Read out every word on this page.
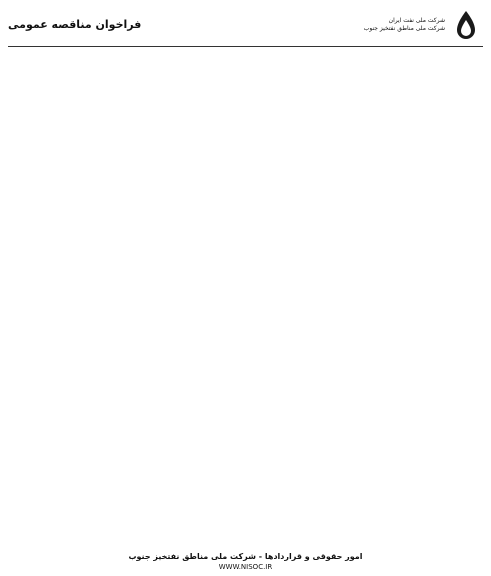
شرکت ملی نفت ایران
شرکت ملی مناطق نفتخیز جنوب
فراخوان مناقصه عمومی
امور حقوقی و قراردادها - شرکت ملی مناطق نفتخیز جنوب
WWW.NISOC.IR
